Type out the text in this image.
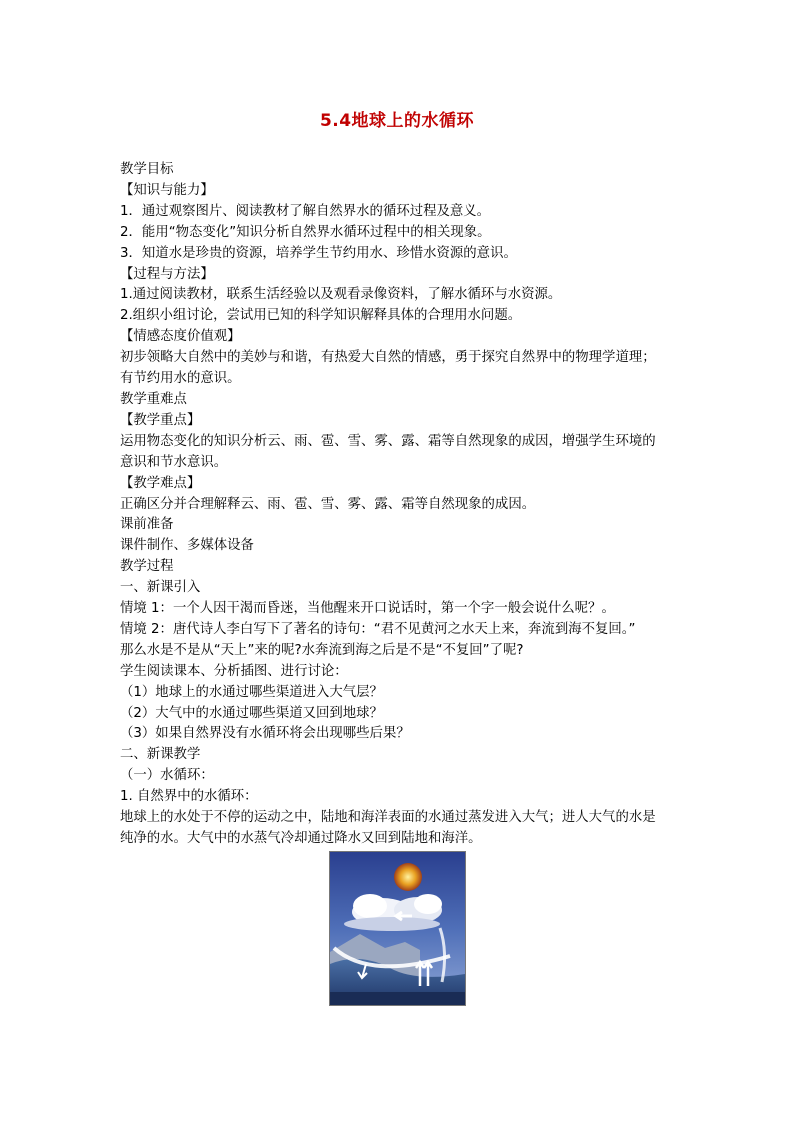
5.4地球上的水循环

教学目标

【知识与能力】

1．通过观察图片、阅读教材了解自然界水的循环过程及意义。

2．能用“物态变化”知识分析自然界水循环过程中的相关现象。

3．知道水是珍贵的资源，培养学生节约用水、珍惜水资源的意识。

【过程与方法】

1.通过阅读教材，联系生活经验以及观看录像资料，了解水循环与水资源。

2.组织小组讨论，尝试用已知的科学知识解释具体的合理用水问题。

【情感态度价值观】

初步领略大自然中的美妙与和谐，有热爱大自然的情感，勇于探究自然界中的物理学道理；

有节约用水的意识。

教学重难点

【教学重点】

运用物态变化的知识分析云、雨、雹、雪、雾、露、霜等自然现象的成因，增强学生环境的

意识和节水意识。

【教学难点】

正确区分并合理解释云、雨、雹、雪、雾、露、霜等自然现象的成因。

课前准备

课件制作、多媒体设备

教学过程

一、新课引入

情境 1：一个人因干渴而昏迷，当他醒来开口说话时，第一个字一般会说什么呢？。

情境 2：唐代诗人李白写下了著名的诗句：“君不见黄河之水天上来，奔流到海不复回。”

那么水是不是从“天上”来的呢?水奔流到海之后是不是“不复回”了呢?

学生阅读课本、分析插图、进行讨论：

（1）地球上的水通过哪些渠道进入大气层？

（2）大气中的水通过哪些渠道又回到地球？

（3）如果自然界没有水循环将会出现哪些后果？

二、新课教学

（一）水循环：

1. 自然界中的水循环：

地球上的水处于不停的运动之中，陆地和海洋表面的水通过蒸发进入大气；进人大气的水是

纯净的水。大气中的水蒸气冷却通过降水又回到陆地和海洋。
